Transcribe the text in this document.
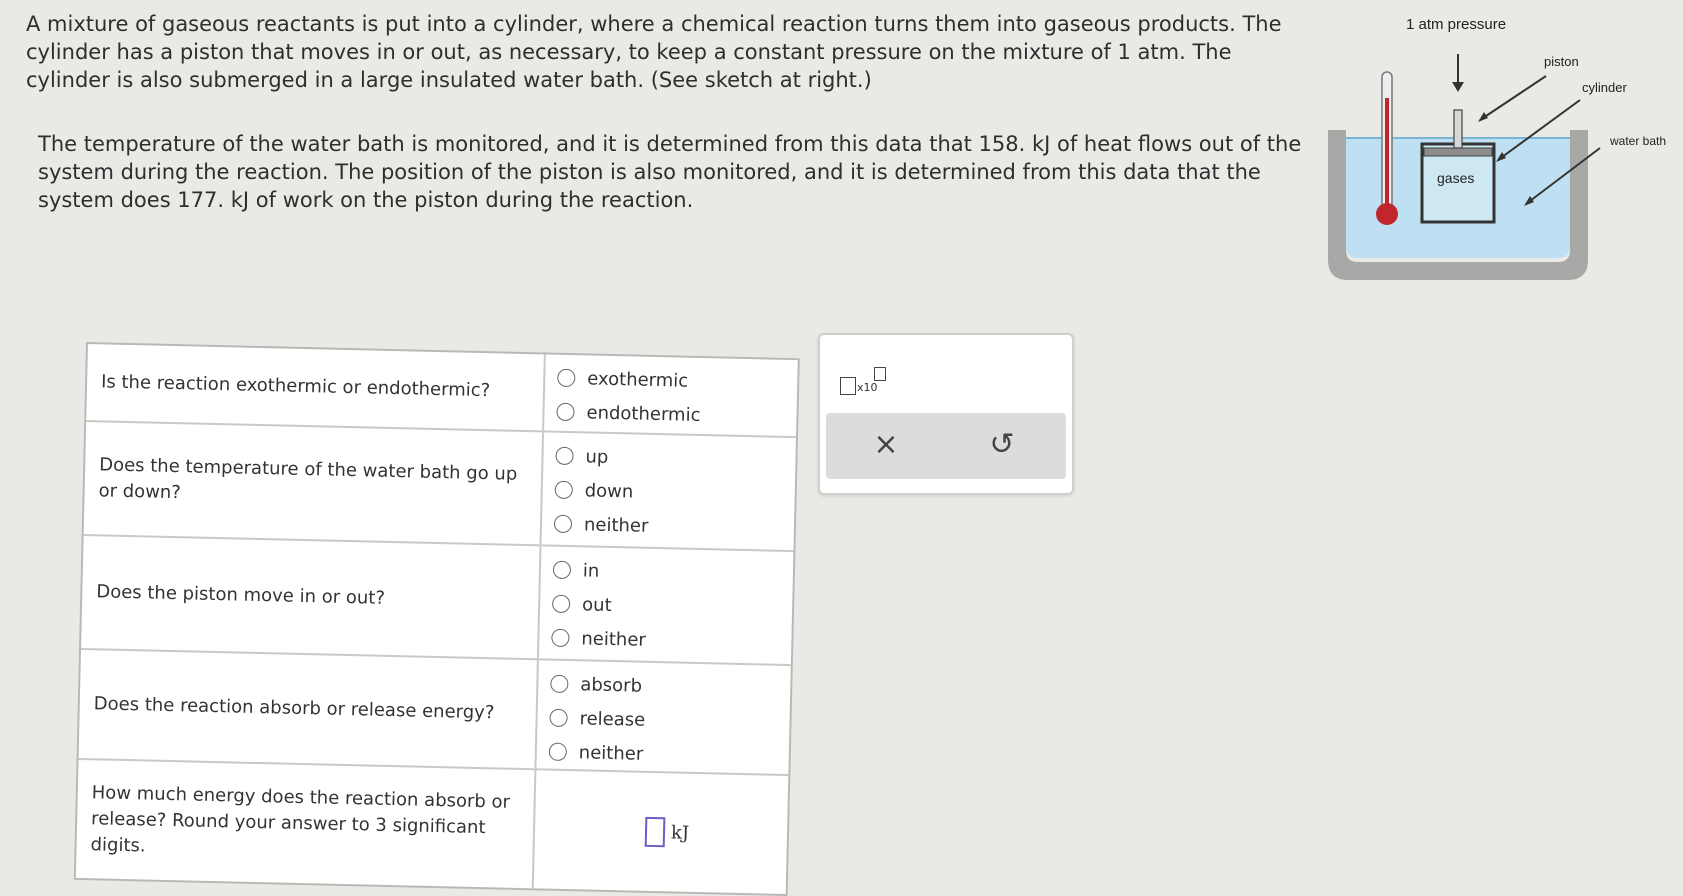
A mixture of gaseous reactants is put into a cylinder, where a chemical reaction turns them into gaseous products. The
cylinder has a piston that moves in or out, as necessary, to keep a constant pressure on the mixture of 1 atm. The
cylinder is also submerged in a large insulated water bath. (See sketch at right.)
The temperature of the water bath is monitored, and it is determined from this data that 158. kJ of heat flows out of the
system during the reaction. The position of the piston is also monitored, and it is determined from this data that the
system does 177. kJ of work on the piston during the reaction.
1 atm pressure
piston
cylinder
water bath
gases
Is the reaction exothermic or endothermic?	exothermic
endothermic
Does the temperature of the water bath go up or down?
up
down
neither
Does the piston move in or out?
in
out
neither
Does the reaction absorb or release energy?
absorb
release
neither
How much energy does the reaction absorb or release? Round your answer to 3 significant digits.
kJ
x10
×	↺
